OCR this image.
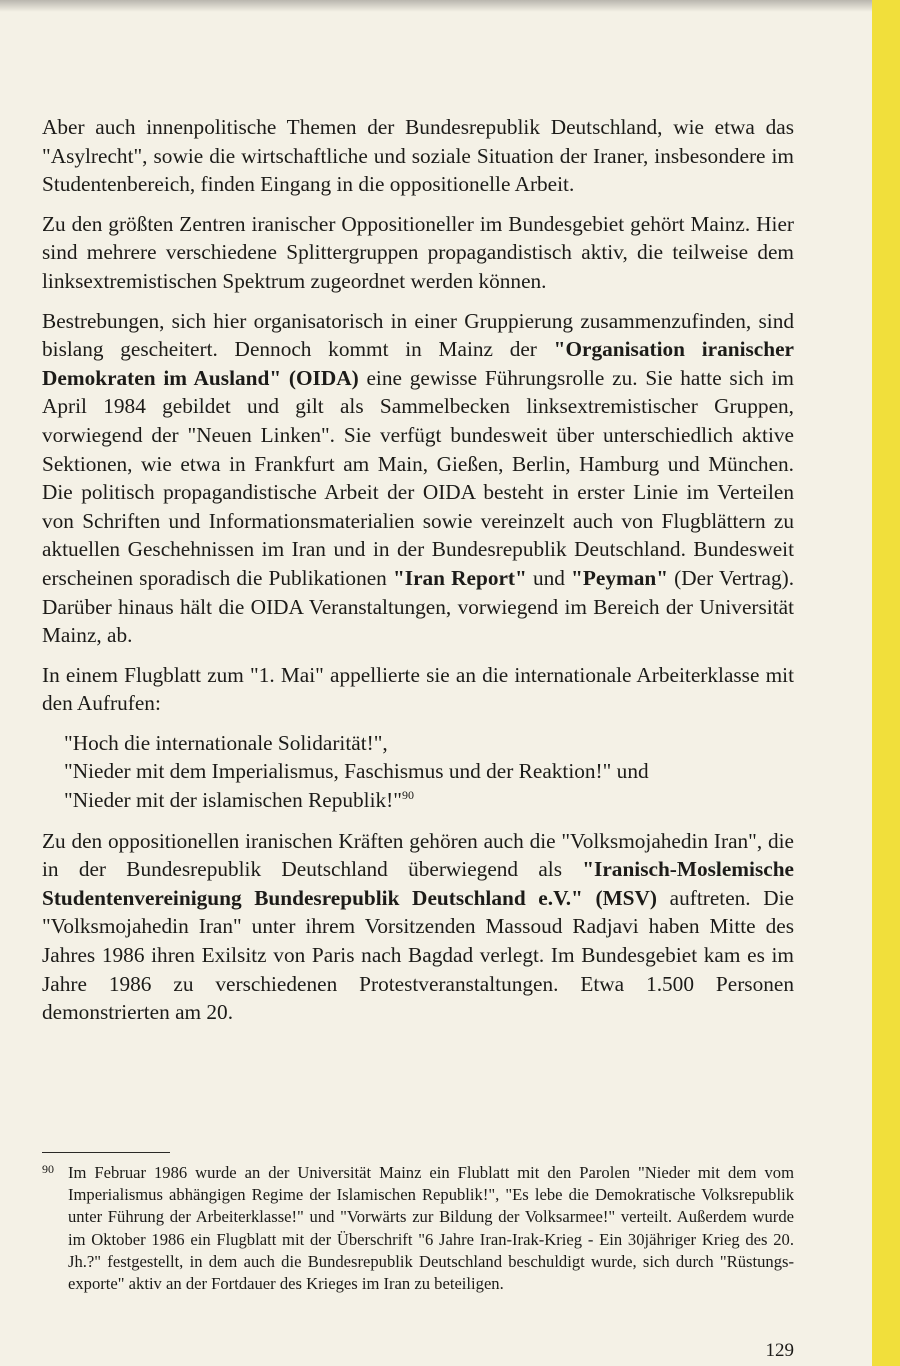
Aber auch innenpolitische Themen der Bundesrepublik Deutschland, wie etwa das "Asylrecht", sowie die wirtschaftliche und soziale Situation der Iraner, insbesondere im Studentenbereich, finden Eingang in die oppositionelle Arbeit.

Zu den größten Zentren iranischer Oppositioneller im Bundesgebiet gehört Mainz. Hier sind mehrere verschiedene Splittergruppen propagandistisch aktiv, die teilweise dem linksextremistischen Spektrum zugeordnet werden können.

Bestrebungen, sich hier organisatorisch in einer Gruppierung zusammenzufinden, sind bislang gescheitert. Dennoch kommt in Mainz der "Organisation iranischer Demokraten im Ausland" (OIDA) eine gewisse Führungsrolle zu. Sie hatte sich im April 1984 gebildet und gilt als Sammelbecken linksextremistischer Gruppen, vorwiegend der "Neuen Linken". Sie verfügt bundesweit über unterschiedlich aktive Sektionen, wie etwa in Frankfurt am Main, Gießen, Berlin, Hamburg und München. Die politisch propagandistische Arbeit der OIDA besteht in erster Linie im Verteilen von Schriften und Informationsmaterialien sowie vereinzelt auch von Flugblättern zu aktuellen Geschehnissen im Iran und in der Bundesrepublik Deutschland. Bundesweit erscheinen sporadisch die Publikationen "Iran Report" und "Peyman" (Der Vertrag). Darüber hinaus hält die OIDA Veranstaltungen, vorwiegend im Bereich der Universität Mainz, ab.

In einem Flugblatt zum "1. Mai" appellierte sie an die internationale Arbeiterklasse mit den Aufrufen:

"Hoch die internationale Solidarität!",
"Nieder mit dem Imperialismus, Faschismus und der Reaktion!" und
"Nieder mit der islamischen Republik!"$^{90}$

Zu den oppositionellen iranischen Kräften gehören auch die "Volksmojahedin Iran", die in der Bundesrepublik Deutschland überwiegend als "Iranisch-Moslemische Studentenvereinigung Bundesrepublik Deutschland e.V." (MSV) auftreten. Die "Volksmojahedin Iran" unter ihrem Vorsitzenden Massoud Radjavi haben Mitte des Jahres 1986 ihren Exilsitz von Paris nach Bagdad verlegt. Im Bundesgebiet kam es im Jahre 1986 zu verschiedenen Protestveranstaltungen. Etwa 1.500 Personen demonstrierten am 20.

90 Im Februar 1986 wurde an der Universität Mainz ein Flublatt mit den Parolen "Nieder mit dem vom Imperialismus abhängigen Regime der Islamischen Republik!", "Es lebe die Demokratische Volksrepublik unter Führung der Arbeiterklasse!" und "Vorwärts zur Bildung der Volksarmee!" verteilt. Außerdem wurde im Oktober 1986 ein Flugblatt mit der Überschrift "6 Jahre Iran-Irak-Krieg - Ein 30jähriger Krieg des 20. Jh.?" festgestellt, in dem auch die Bundesrepublik Deutschland beschuldigt wurde, sich durch "Rüstungsexporte" aktiv an der Fortdauer des Krieges im Iran zu beteiligen.
129
